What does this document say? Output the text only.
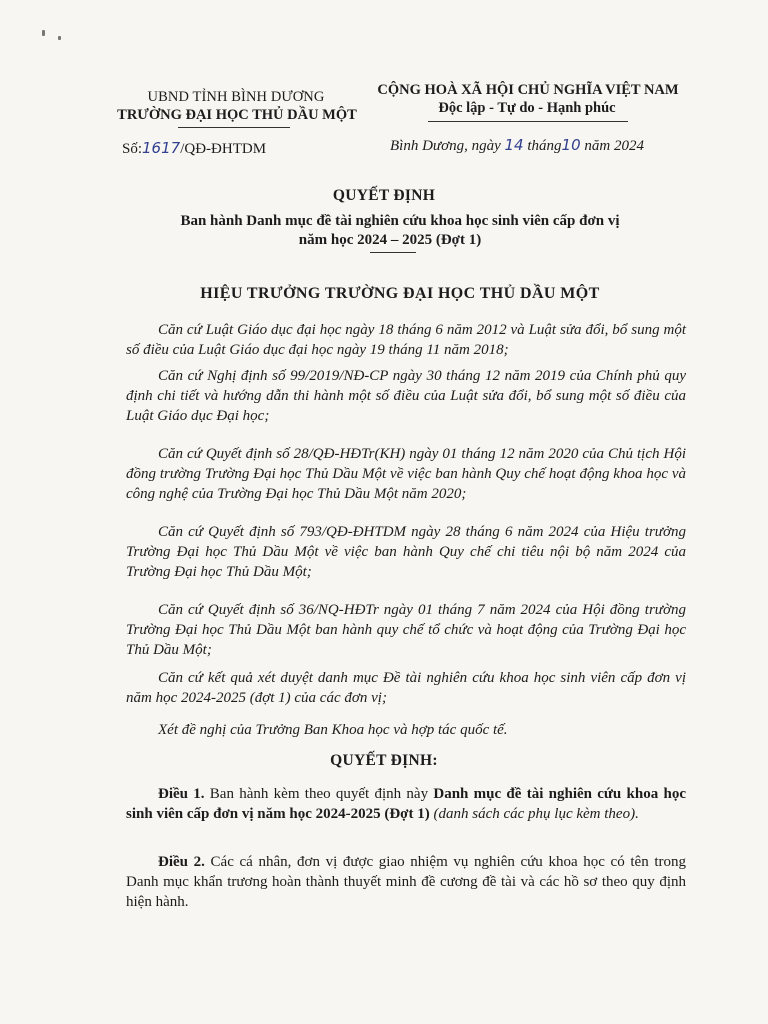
UBND TỈNH BÌNH DƯƠNG
TRƯỜNG ĐẠI HỌC THỦ DẦU MỘT
CỘNG HOÀ XÃ HỘI CHỦ NGHĨA VIỆT NAM
Độc lập - Tự do - Hạnh phúc
Số:1617/QĐ-ĐHTDM	Bình Dương, ngày 14 tháng10 năm 2024
QUYẾT ĐỊNH
Ban hành Danh mục đề tài nghiên cứu khoa học sinh viên cấp đơn vị
năm học 2024 – 2025 (Đợt 1)
HIỆU TRƯỞNG TRƯỜNG ĐẠI HỌC THỦ DẦU MỘT
Căn cứ Luật Giáo dục đại học ngày 18 tháng 6 năm 2012 và Luật sửa đổi, bổ sung một số điều của Luật Giáo dục đại học ngày 19 tháng 11 năm 2018;
Căn cứ Nghị định số 99/2019/NĐ-CP ngày 30 tháng 12 năm 2019 của Chính phủ quy định chi tiết và hướng dẫn thi hành một số điều của Luật sửa đổi, bổ sung một số điều của Luật Giáo dục Đại học;
Căn cứ Quyết định số 28/QĐ-HĐTr(KH) ngày 01 tháng 12 năm 2020 của Chủ tịch Hội đồng trường Trường Đại học Thủ Dầu Một về việc ban hành Quy chế hoạt động khoa học và công nghệ của Trường Đại học Thủ Dầu Một năm 2020;
Căn cứ Quyết định số 793/QĐ-ĐHTDM ngày 28 tháng 6 năm 2024 của Hiệu trưởng Trường Đại học Thủ Dầu Một về việc ban hành Quy chế chi tiêu nội bộ năm 2024 của Trường Đại học Thủ Dầu Một;
Căn cứ Quyết định số 36/NQ-HĐTr ngày 01 tháng 7 năm 2024 của Hội đồng trường Trường Đại học Thủ Dầu Một ban hành quy chế tổ chức và hoạt động của Trường Đại học Thủ Dầu Một;
Căn cứ kết quả xét duyệt danh mục Đề tài nghiên cứu khoa học sinh viên cấp đơn vị năm học 2024-2025 (đợt 1) của các đơn vị;
Xét đề nghị của Trưởng Ban Khoa học và hợp tác quốc tế.
QUYẾT ĐỊNH:
Điều 1. Ban hành kèm theo quyết định này Danh mục đề tài nghiên cứu khoa học sinh viên cấp đơn vị năm học 2024-2025 (Đợt 1) (danh sách các phụ lục kèm theo).
Điều 2. Các cá nhân, đơn vị được giao nhiệm vụ nghiên cứu khoa học có tên trong Danh mục khẩn trương hoàn thành thuyết minh đề cương đề tài và các hồ sơ theo quy định hiện hành.
